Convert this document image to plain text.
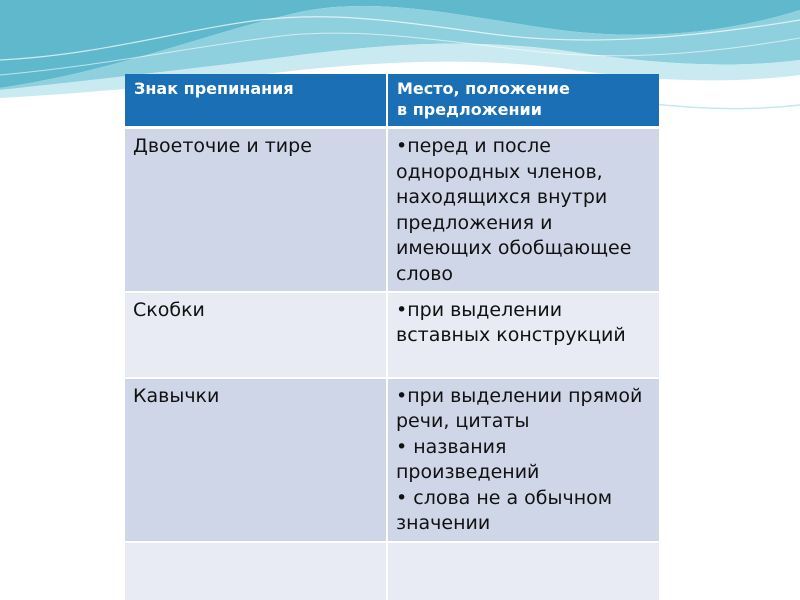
Знак препинания	Место, положение
в предложении
Двоеточие и тире	•перед и после однородных членов, находящихся внутри предложения и имеющих обобщающее слово

Скобки	•при выделении вставных конструкций

Кавычки	•при выделении прямой речи, цитаты
• названия произведений
• слова не а обычном значении
